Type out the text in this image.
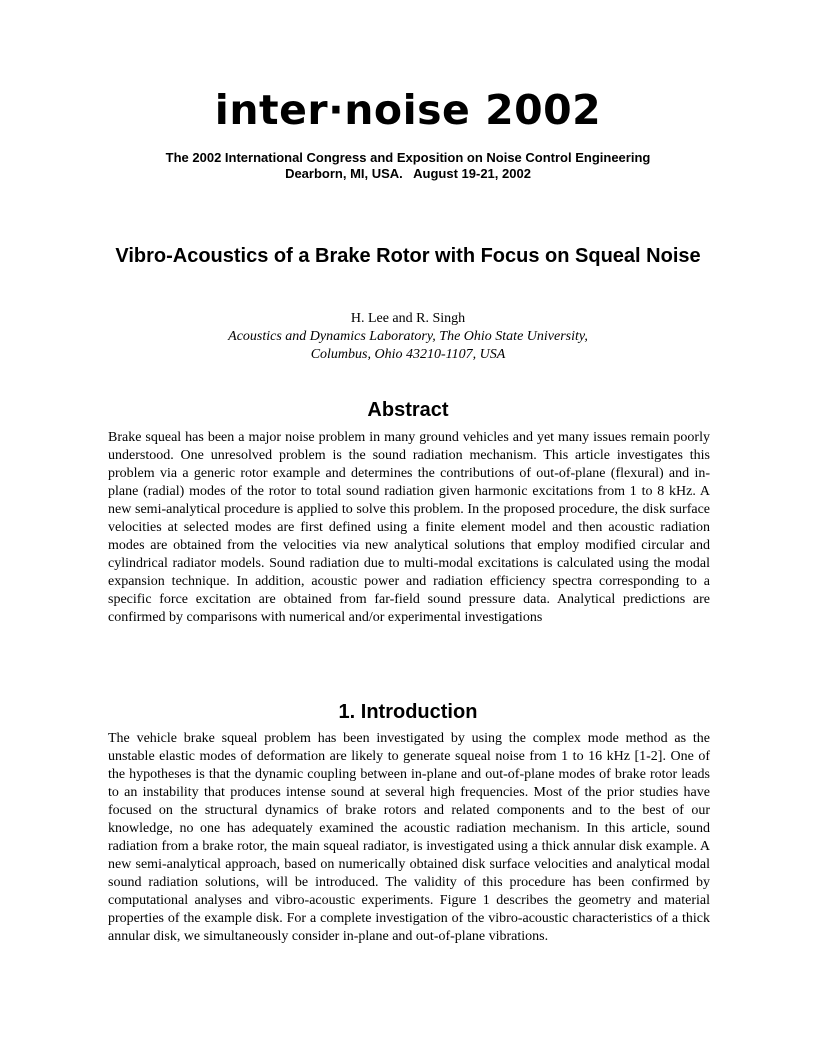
inter·noise 2002
The 2002 International Congress and Exposition on Noise Control Engineering
Dearborn, MI, USA.   August 19-21, 2002
Vibro-Acoustics of a Brake Rotor with Focus on Squeal Noise
H. Lee and R. Singh
Acoustics and Dynamics Laboratory, The Ohio State University,
Columbus, Ohio 43210-1107, USA
Abstract
Brake squeal has been a major noise problem in many ground vehicles and yet many issues remain poorly understood. One unresolved problem is the sound radiation mechanism. This article investigates this problem via a generic rotor example and determines the contributions of out-of-plane (flexural) and in-plane (radial) modes of the rotor to total sound radiation given harmonic excitations from 1 to 8 kHz. A new semi-analytical procedure is applied to solve this problem. In the proposed procedure, the disk surface velocities at selected modes are first defined using a finite element model and then acoustic radiation modes are obtained from the velocities via new analytical solutions that employ modified circular and cylindrical radiator models. Sound radiation due to multi-modal excitations is calculated using the modal expansion technique. In addition, acoustic power and radiation efficiency spectra corresponding to a specific force excitation are obtained from far-field sound pressure data. Analytical predictions are confirmed by comparisons with numerical and/or experimental investigations
1. Introduction
The vehicle brake squeal problem has been investigated by using the complex mode method as the unstable elastic modes of deformation are likely to generate squeal noise from 1 to 16 kHz [1-2]. One of the hypotheses is that the dynamic coupling between in-plane and out-of-plane modes of brake rotor leads to an instability that produces intense sound at several high frequencies. Most of the prior studies have focused on the structural dynamics of brake rotors and related components and to the best of our knowledge, no one has adequately examined the acoustic radiation mechanism. In this article, sound radiation from a brake rotor, the main squeal radiator, is investigated using a thick annular disk example. A new semi-analytical approach, based on numerically obtained disk surface velocities and analytical modal sound radiation solutions, will be introduced. The validity of this procedure has been confirmed by computational analyses and vibro-acoustic experiments. Figure 1 describes the geometry and material properties of the example disk. For a complete investigation of the vibro-acoustic characteristics of a thick annular disk, we simultaneously consider in-plane and out-of-plane vibrations.
